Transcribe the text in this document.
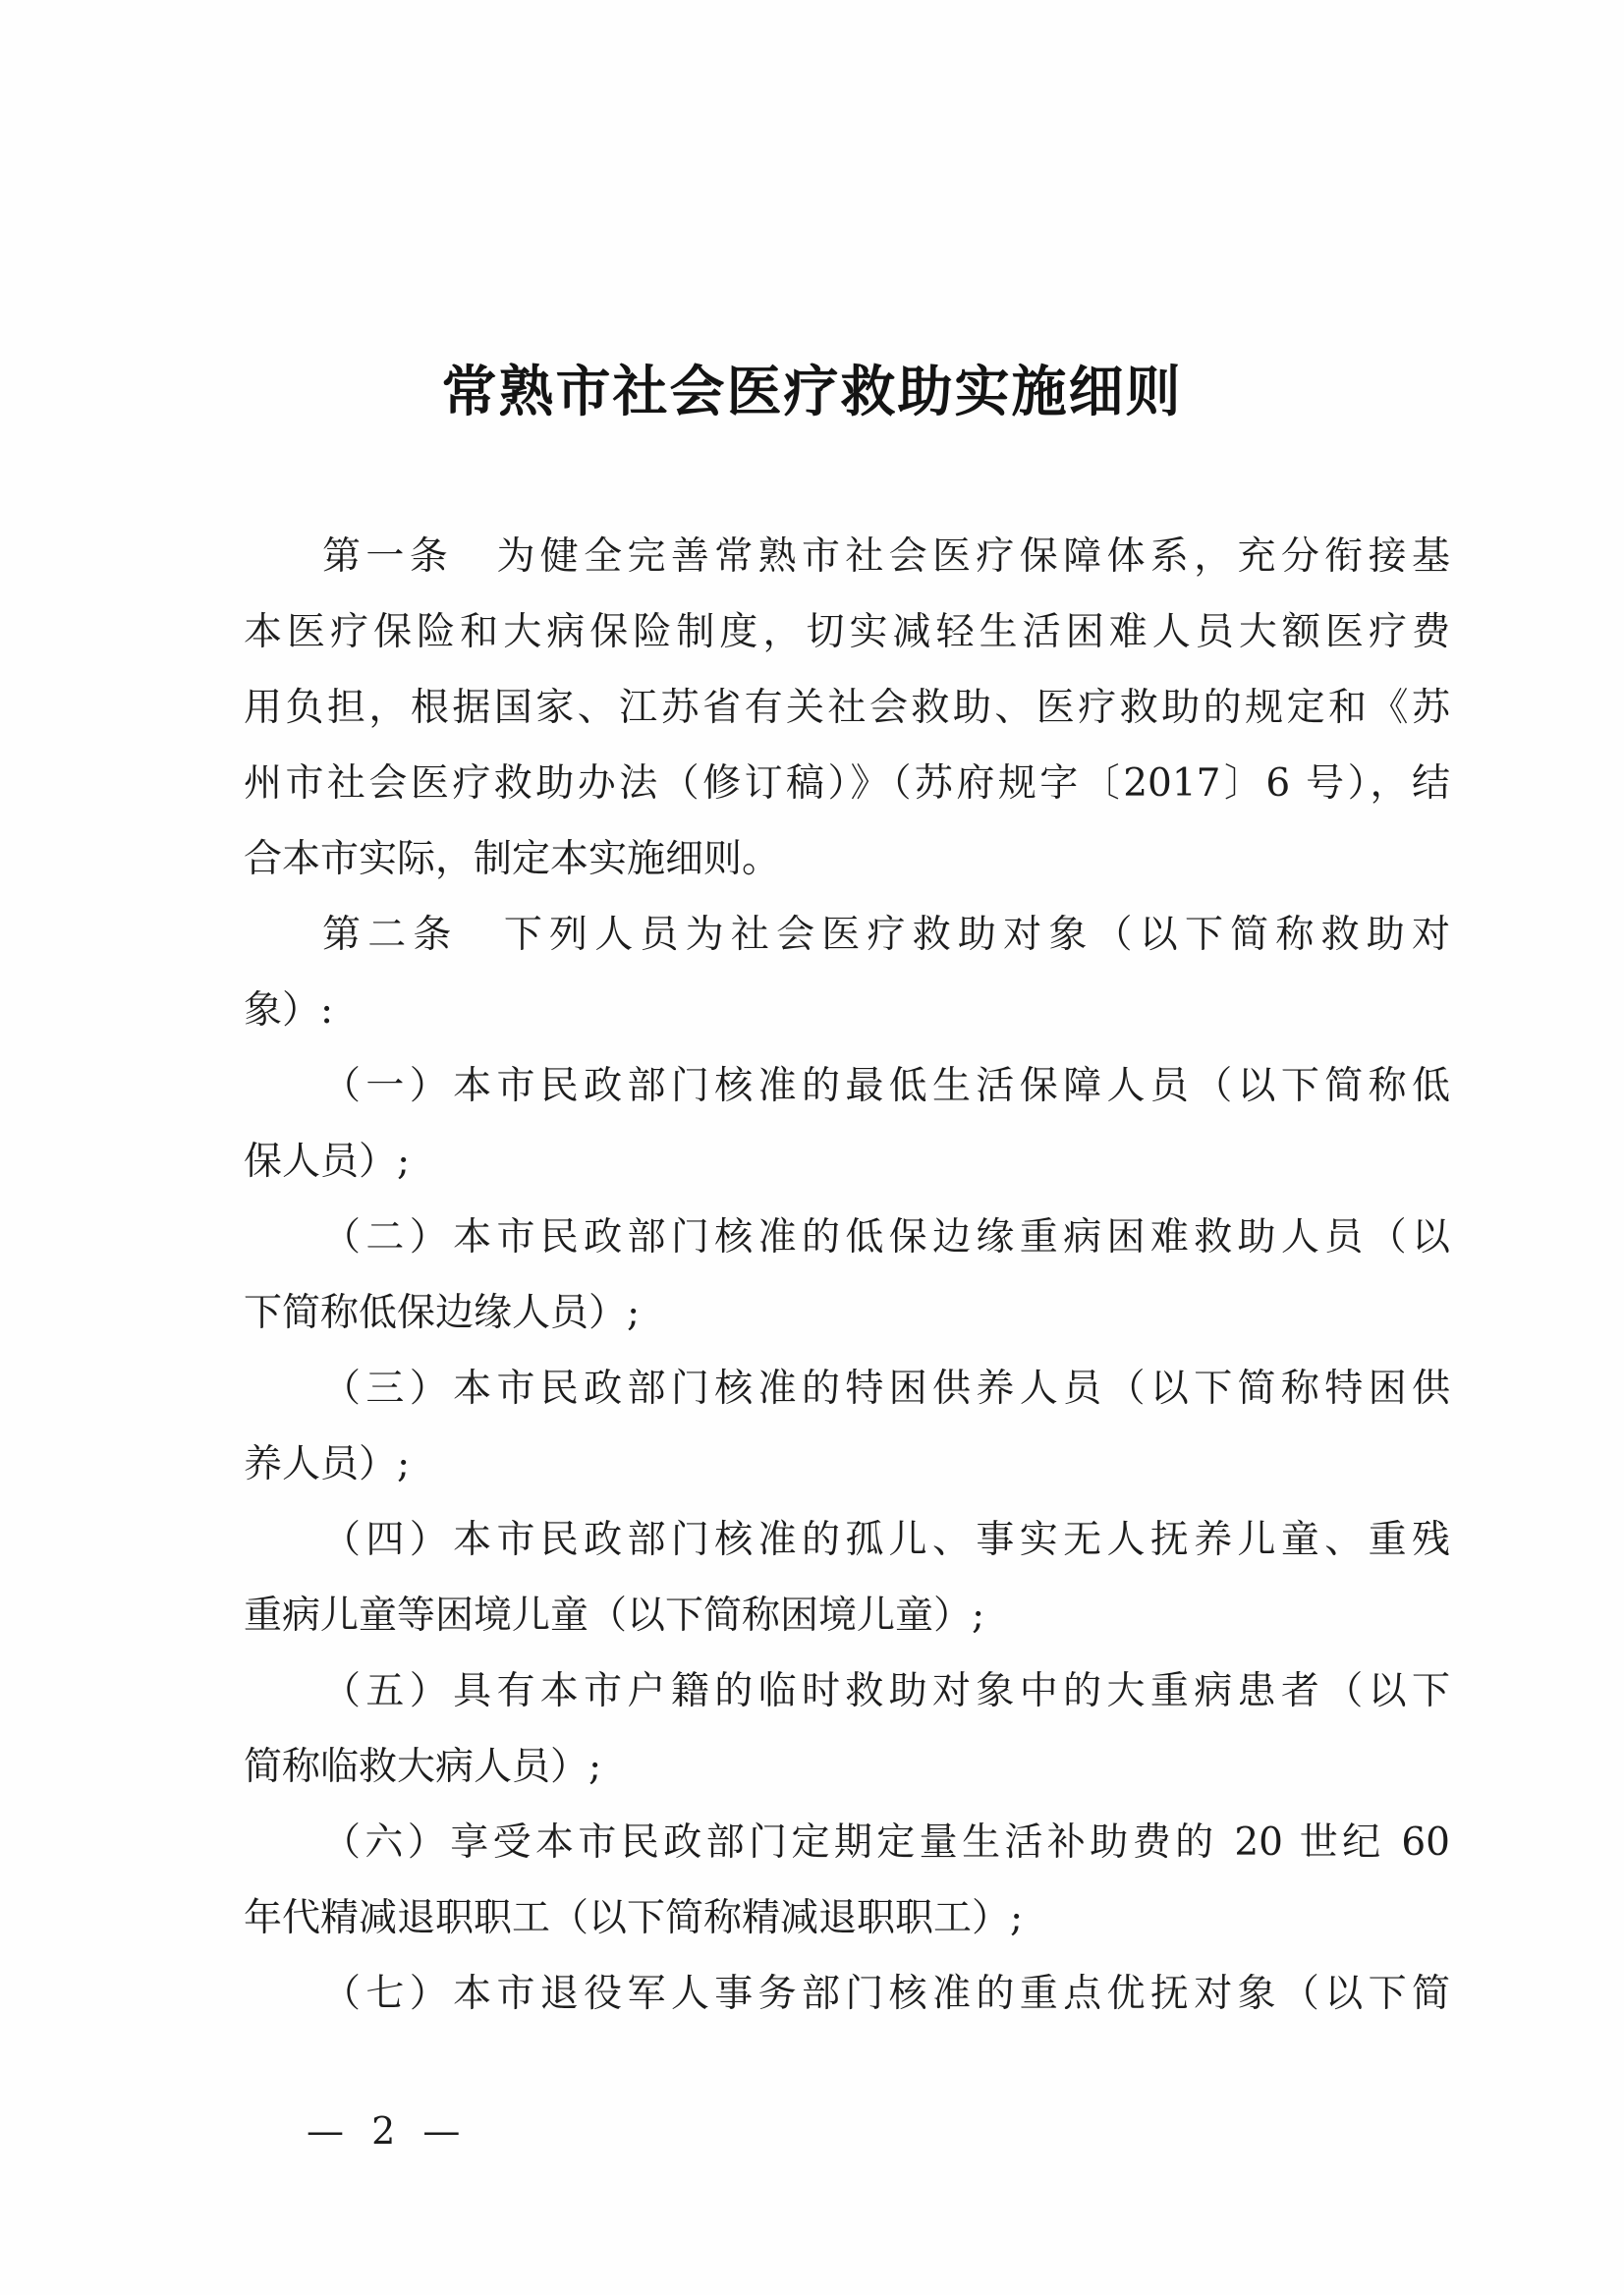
常熟市社会医疗救助实施细则
第一条　为健全完善常熟市社会医疗保障体系，充分衔接基
本医疗保险和大病保险制度，切实减轻生活困难人员大额医疗费
用负担，根据国家、江苏省有关社会救助、医疗救助的规定和《苏
州市社会医疗救助办法（修订稿）》（苏府规字〔2017〕6 号），结
合本市实际，制定本实施细则。
第二条　下列人员为社会医疗救助对象（以下简称救助对
象）:
（一）本市民政部门核准的最低生活保障人员（以下简称低
保人员）;
（二）本市民政部门核准的低保边缘重病困难救助人员（以
下简称低保边缘人员）;
（三）本市民政部门核准的特困供养人员（以下简称特困供
养人员）;
（四）本市民政部门核准的孤儿、事实无人抚养儿童、重残
重病儿童等困境儿童（以下简称困境儿童）;
（五）具有本市户籍的临时救助对象中的大重病患者（以下
简称临救大病人员）;
（六）享受本市民政部门定期定量生活补助费的 20 世纪 60
年代精减退职职工（以下简称精减退职职工）;
（七）本市退役军人事务部门核准的重点优抚对象（以下简
— 2 —
